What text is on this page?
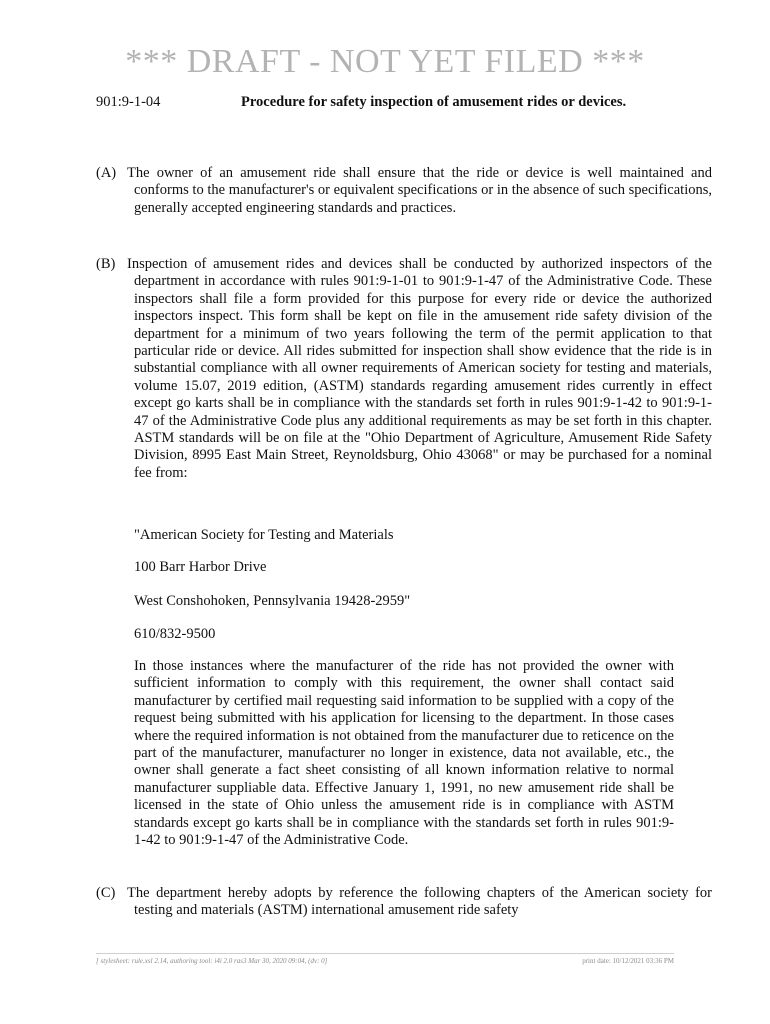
*** DRAFT - NOT YET FILED ***
901:9-1-04	Procedure for safety inspection of amusement rides or devices.
(A) The owner of an amusement ride shall ensure that the ride or device is well maintained and conforms to the manufacturer's or equivalent specifications or in the absence of such specifications, generally accepted engineering standards and practices.
(B) Inspection of amusement rides and devices shall be conducted by authorized inspectors of the department in accordance with rules 901:9-1-01 to 901:9-1-47 of the Administrative Code. These inspectors shall file a form provided for this purpose for every ride or device the authorized inspectors inspect. This form shall be kept on file in the amusement ride safety division of the department for a minimum of two years following the term of the permit application to that particular ride or device. All rides submitted for inspection shall show evidence that the ride is in substantial compliance with all owner requirements of American society for testing and materials, volume 15.07, 2019 edition, (ASTM) standards regarding amusement rides currently in effect except go karts shall be in compliance with the standards set forth in rules 901:9-1-42 to 901:9-1-47 of the Administrative Code plus any additional requirements as may be set forth in this chapter. ASTM standards will be on file at the "Ohio Department of Agriculture, Amusement Ride Safety Division, 8995 East Main Street, Reynoldsburg, Ohio 43068" or may be purchased for a nominal fee from:
"American Society for Testing and Materials
100 Barr Harbor Drive
West Conshohoken, Pennsylvania 19428-2959"
610/832-9500
In those instances where the manufacturer of the ride has not provided the owner with sufficient information to comply with this requirement, the owner shall contact said manufacturer by certified mail requesting said information to be supplied with a copy of the request being submitted with his application for licensing to the department. In those cases where the required information is not obtained from the manufacturer due to reticence on the part of the manufacturer, manufacturer no longer in existence, data not available, etc., the owner shall generate a fact sheet consisting of all known information relative to normal manufacturer suppliable data. Effective January 1, 1991, no new amusement ride shall be licensed in the state of Ohio unless the amusement ride is in compliance with ASTM standards except go karts shall be in compliance with the standards set forth in rules 901:9-1-42 to 901:9-1-47 of the Administrative Code.
(C) The department hereby adopts by reference the following chapters of the American society for testing and materials (ASTM) international amusement ride safety
[ stylesheet: rule.xsl 2.14, authoring tool: i4i 2.0 ras3 Mar 30, 2020 09:04, (dv: 0]	print date: 10/12/2021 03:36 PM
